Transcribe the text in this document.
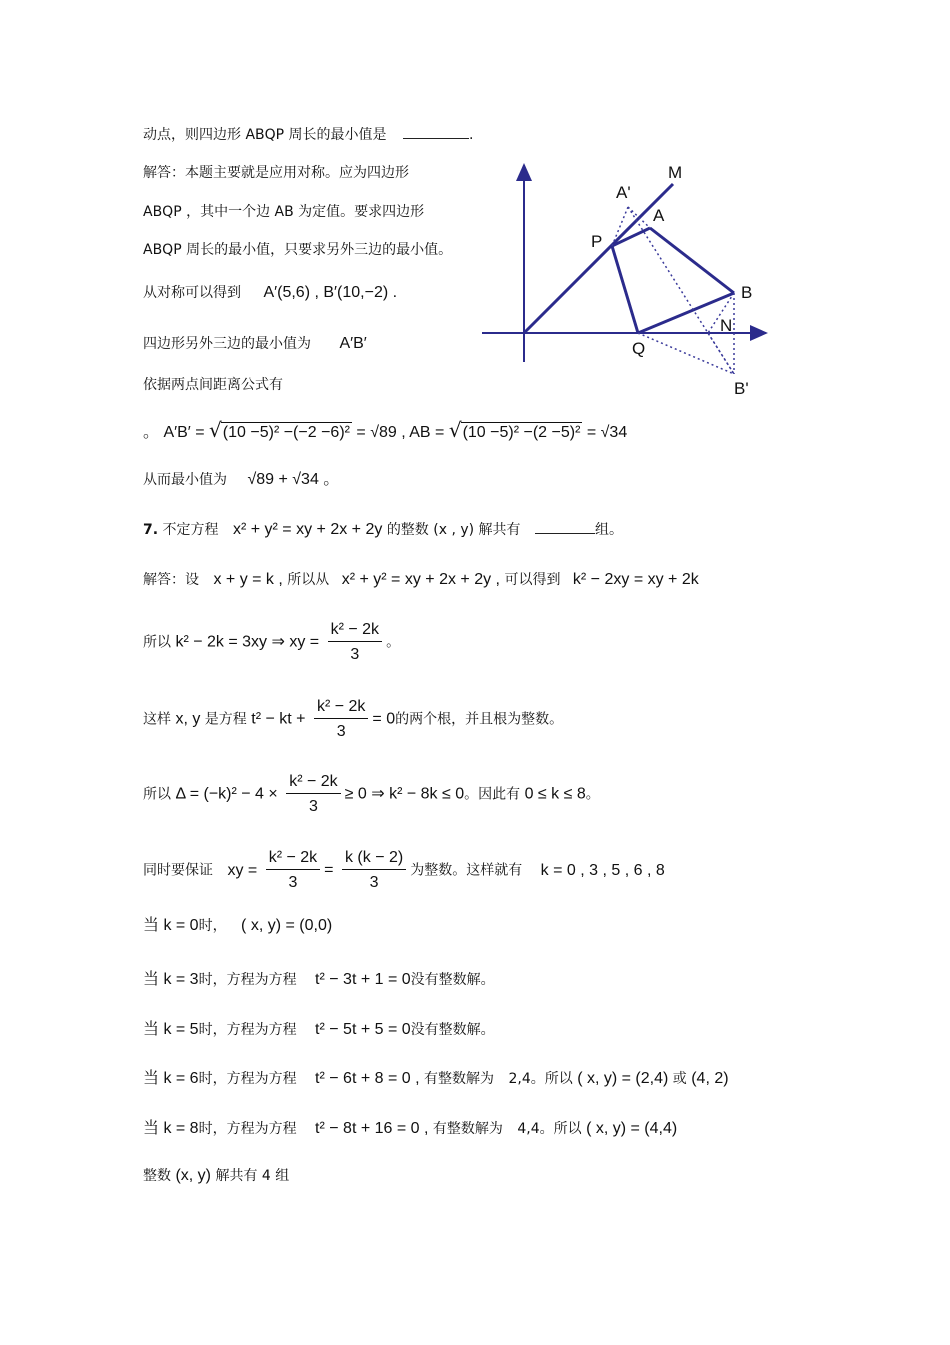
动点，则四边形 ABQP 周长的最小值是	.
解答：本题主要就是应用对称。应为四边形
ABQP ，其中一个边 AB 为定值。要求四边形
ABQP 周长的最小值，只要求另外三边的最小值。
从对称可以得到 A′(5,6) , B′(10,−2) .
四边形另外三边的最小值为 A′B′
依据两点间距离公式有
。 A′B′ = √(10 −5)² −(−2 −6)² = √89 , AB = √(10 −5)² −(2 −5)² = √34
从而最小值为 √89 + √34 。
7. 不定方程 x² + y² = xy + 2x + 2y 的整数 (x , y) 解共有	组。
解答：设 x + y = k , 所以从 x² + y² = xy + 2x + 2y , 可以得到 k² − 2xy = xy + 2k
所以 k² − 2k = 3xy ⇒ xy = $\frac{\text{k² − 2k}}{3}$ 。
这样 x, y 是方程 t² − kt + $\frac{\text{k² − 2k}}{3} = 0$的两个根，并且根为整数。
所以 $\Delta = (-k)^2 - 4 \times \frac{\text{k² − 2k}}{3} \ge 0$ ⇒ k² − 8k ≤ 0。因此有 0 ≤ k ≤ 8。
同时要保证 xy = $\frac{\text{k² − 2k}}{3} = \frac{k (k - 2)}{3}$ 为整数。这样就有 k = 0 , 3 , 5 , 6 , 8
当 k = 0时， ( x, y) = (0,0)
当 k = 3时，方程为方程 t² − 3t + 1 = 0没有整数解。
当 k = 5时，方程为方程 t² − 5t + 5 = 0没有整数解。
当 k = 6时，方程为方程 t² − 6t + 8 = 0 , 有整数解为 2,4。所以 ( x, y) = (2,4) 或 (4, 2)
当 k = 8时，方程为方程 t² − 8t + 16 = 0 , 有整数解为 4,4。所以 ( x, y) = (4,4)
整数 (x, y) 解共有 4 组
M
A'
A
P
B
N
Q
B'
